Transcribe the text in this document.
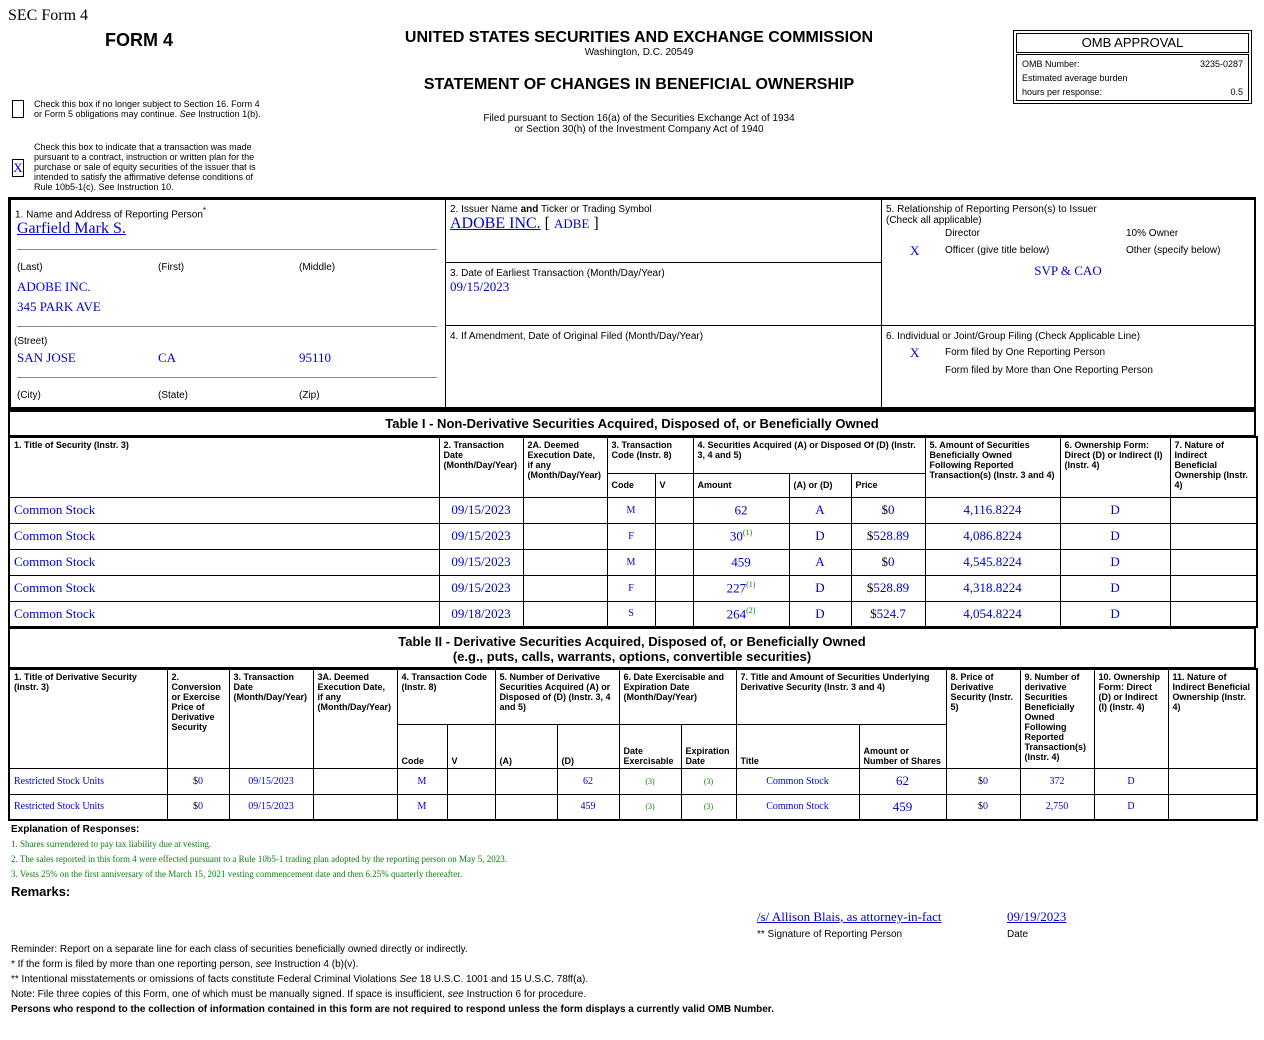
SEC Form 4
FORM 4	UNITED STATES SECURITIES AND EXCHANGE COMMISSION
Washington, D.C. 20549
STATEMENT OF CHANGES IN BENEFICIAL OWNERSHIP
Filed pursuant to Section 16(a) of the Securities Exchange Act of 1934
or Section 30(h) of the Investment Company Act of 1940
OMB APPROVAL
OMB Number:	3235-0287
Estimated average burden
hours per response:	0.5
Check this box if no longer subject to Section 16. Form 4
or Form 5 obligations may continue. See Instruction 1(b).
X
Check this box to indicate that a transaction was made
pursuant to a contract, instruction or written plan for the
purchase or sale of equity securities of the issuer that is
intended to satisfy the affirmative defense conditions of
Rule 10b5-1(c). See Instruction 10.
1. Name and Address of Reporting Person*
Garfield Mark S.
(Last)	(First)	(Middle)
ADOBE INC.
345 PARK AVE
(Street)
SAN JOSE	CA	95110
(City)	(State)	(Zip)
2. Issuer Name and Ticker or Trading Symbol
ADOBE INC. [ ADBE ]
3. Date of Earliest Transaction (Month/Day/Year)
09/15/2023
4. If Amendment, Date of Original Filed (Month/Day/Year)
5. Relationship of Reporting Person(s) to Issuer
(Check all applicable)
Director	10% Owner
X	Officer (give title below)	Other (specify below)
SVP & CAO
6. Individual or Joint/Group Filing (Check Applicable Line)
X	Form filed by One Reporting Person
Form filed by More than One Reporting Person
Table I - Non-Derivative Securities Acquired, Disposed of, or Beneficially Owned
1. Title of Security (Instr. 3)	2. Transaction Date (Month/Day/Year)	2A. Deemed Execution Date, if any (Month/Day/Year)	3. Transaction Code (Instr. 8)		4. Securities Acquired (A) or Disposed Of (D) (Instr. 3, 4 and 5)			5. Amount of Securities Beneficially Owned Following Reported Transaction(s) (Instr. 3 and 4)	6. Ownership Form: Direct (D) or Indirect (I) (Instr. 4)	7. Nature of Indirect Beneficial Ownership (Instr. 4)
			Code	V	Amount	(A) or (D)	Price			
Common Stock	09/15/2023		M		62	A	$0	4,116.8224	D	
Common Stock	09/15/2023		F		30$^{(1)}$	D	$528.89	4,086.8224	D	
Common Stock	09/15/2023		M		459	A	$0	4,545.8224	D	
Common Stock	09/15/2023		F		227$^{(1)}$	D	$528.89	4,318.8224	D	
Common Stock	09/18/2023		S		264$^{(2)}$	D	$524.7	4,054.8224	D	
Table II - Derivative Securities Acquired, Disposed of, or Beneficially Owned
(e.g., puts, calls, warrants, options, convertible securities)
1. Title of Derivative Security (Instr. 3)	2. Conversion or Exercise Price of Derivative Security	3. Transaction Date (Month/Day/Year)	3A. Deemed Execution Date, if any (Month/Day/Year)	4. Transaction Code (Instr. 8)		5. Number of Derivative Securities Acquired (A) or Disposed of (D) (Instr. 3, 4 and 5)		6. Date Exercisable and Expiration Date (Month/Day/Year)		7. Title and Amount of Securities Underlying Derivative Security (Instr. 3 and 4)		8. Price of Derivative Security (Instr. 5)	9. Number of derivative Securities Beneficially Owned Following Reported Transaction(s) (Instr. 4)	10. Ownership Form: Direct (D) or Indirect (I) (Instr. 4)	11. Nature of Indirect Beneficial Ownership (Instr. 4)
				Code	V	(A)	(D)	Date Exercisable	Expiration Date	Title	Amount or Number of Shares				
Restricted Stock Units	$0	09/15/2023		M			62	(3)	(3)	Common Stock	62	$0	372	D	
Restricted Stock Units	$0	09/15/2023		M			459	(3)	(3)	Common Stock	459	$0	2,750	D	
Explanation of Responses:
1. Shares surrendered to pay tax liability due at vesting.
2. The sales reported in this form 4 were effected pursuant to a Rule 10b5-1 trading plan adopted by the reporting person on May 5, 2023.
3. Vests 25% on the first anniversary of the March 15, 2021 vesting commencement date and then 6.25% quarterly thereafter.
Remarks:
/s/ Allison Blais, as attorney-in-fact	09/19/2023
** Signature of Reporting Person	Date
Reminder: Report on a separate line for each class of securities beneficially owned directly or indirectly.
* If the form is filed by more than one reporting person, see Instruction 4 (b)(v).
** Intentional misstatements or omissions of facts constitute Federal Criminal Violations See 18 U.S.C. 1001 and 15 U.S.C. 78ff(a).
Note: File three copies of this Form, one of which must be manually signed. If space is insufficient, see Instruction 6 for procedure.
Persons who respond to the collection of information contained in this form are not required to respond unless the form displays a currently valid OMB Number.
